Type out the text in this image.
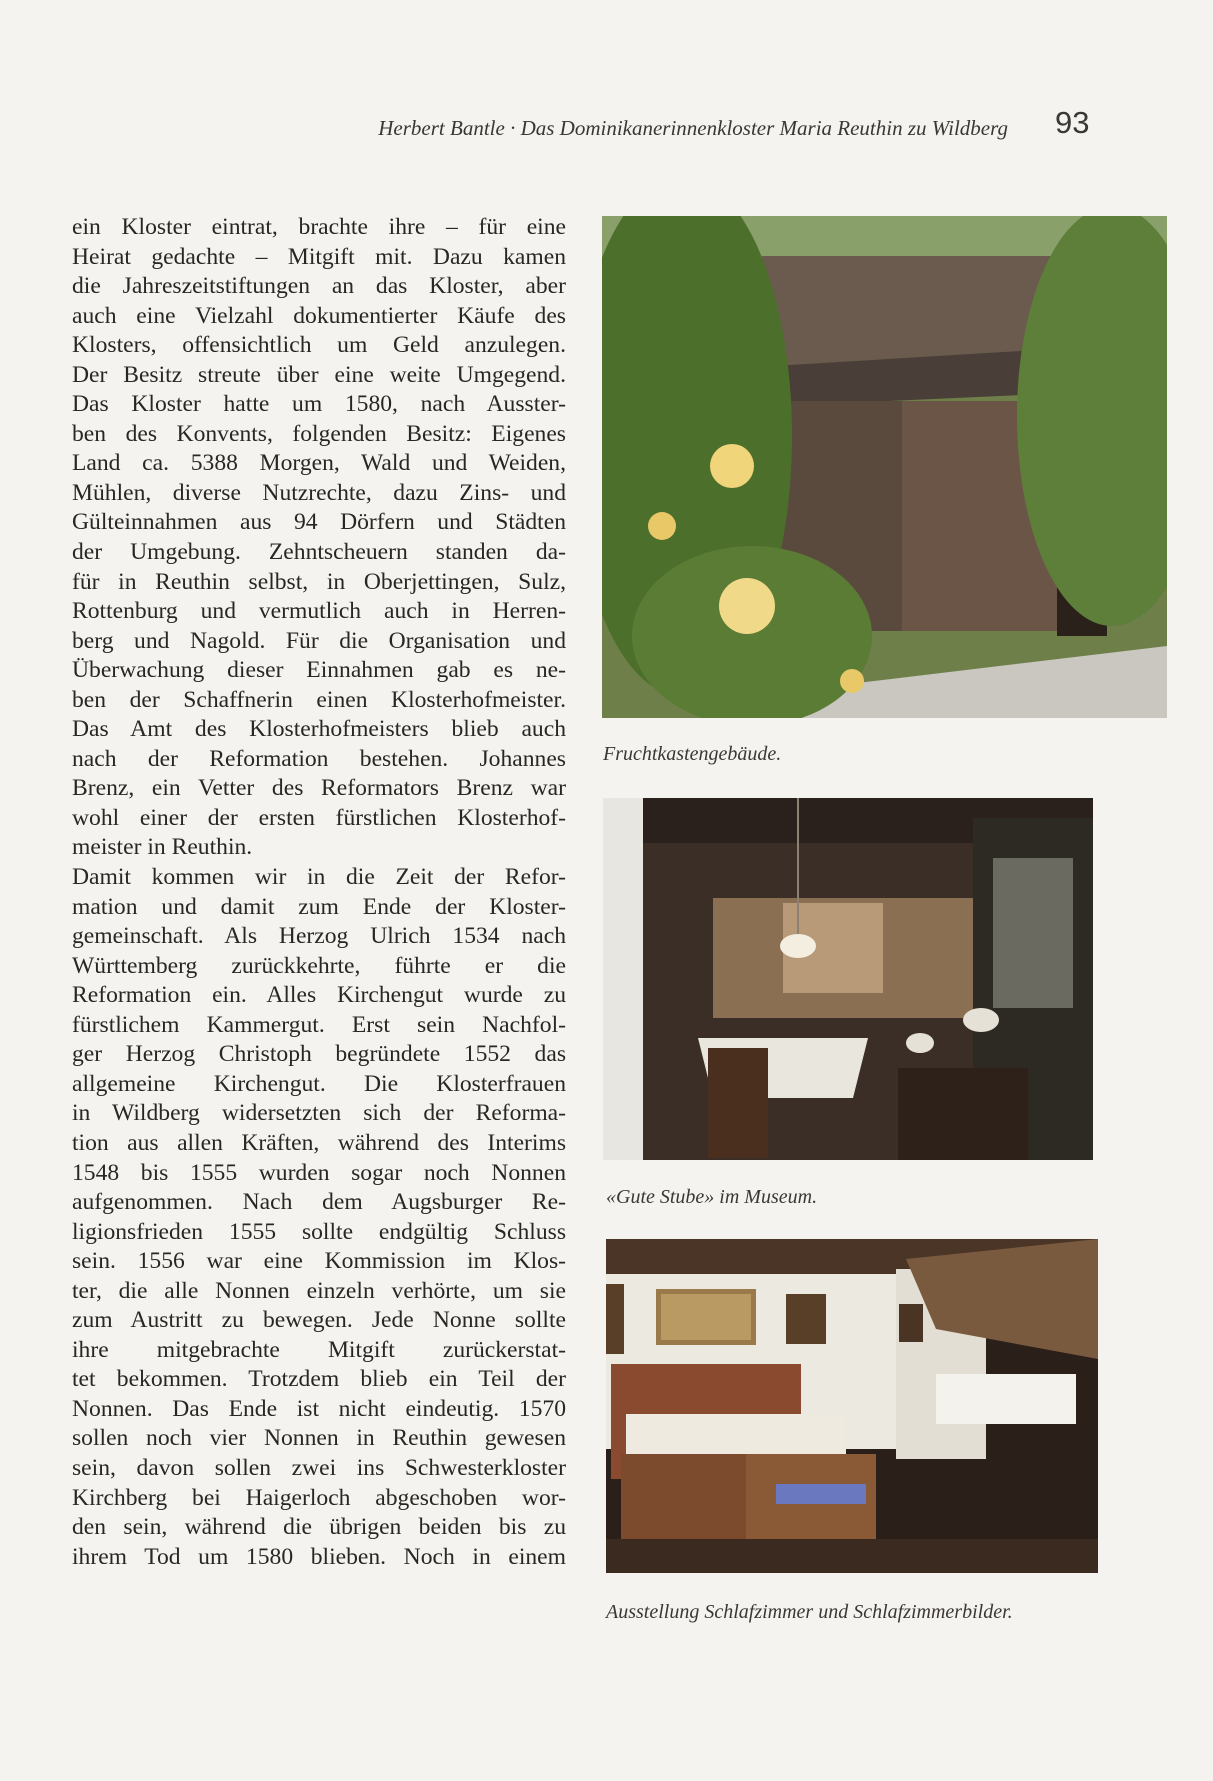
Herbert Bantle · Das Dominikanerinnenkloster Maria Reuthin zu Wildberg 93
ein Kloster eintrat, brachte ihre – für eine
Heirat gedachte – Mitgift mit. Dazu kamen
die Jahreszeitstiftungen an das Kloster, aber
auch eine Vielzahl dokumentierter Käufe des
Klosters, offensichtlich um Geld anzulegen.
Der Besitz streute über eine weite Umgegend.
Das Kloster hatte um 1580, nach Ausster-
ben des Konvents, folgenden Besitz: Eigenes
Land ca. 5388 Morgen, Wald und Weiden,
Mühlen, diverse Nutzrechte, dazu Zins- und
Gülteinnahmen aus 94 Dörfern und Städten
der Umgebung. Zehntscheuern standen da-
für in Reuthin selbst, in Oberjettingen, Sulz,
Rottenburg und vermutlich auch in Herren-
berg und Nagold. Für die Organisation und
Überwachung dieser Einnahmen gab es ne-
ben der Schaffnerin einen Klosterhofmeister.
Das Amt des Klosterhofmeisters blieb auch
nach der Reformation bestehen. Johannes
Brenz, ein Vetter des Reformators Brenz war
wohl einer der ersten fürstlichen Klosterhof-
meister in Reuthin.
Damit kommen wir in die Zeit der Refor-
mation und damit zum Ende der Kloster-
gemeinschaft. Als Herzog Ulrich 1534 nach
Württemberg zurückkehrte, führte er die
Reformation ein. Alles Kirchengut wurde zu
fürstlichem Kammergut. Erst sein Nachfol-
ger Herzog Christoph begründete 1552 das
allgemeine Kirchengut. Die Klosterfrauen
in Wildberg widersetzten sich der Reforma-
tion aus allen Kräften, während des Interims
1548 bis 1555 wurden sogar noch Nonnen
aufgenommen. Nach dem Augsburger Re-
ligionsfrieden 1555 sollte endgültig Schluss
sein. 1556 war eine Kommission im Klos-
ter, die alle Nonnen einzeln verhörte, um sie
zum Austritt zu bewegen. Jede Nonne sollte
ihre mitgebrachte Mitgift zurückerstat-
tet bekommen. Trotzdem blieb ein Teil der
Nonnen. Das Ende ist nicht eindeutig. 1570
sollen noch vier Nonnen in Reuthin gewesen
sein, davon sollen zwei ins Schwesterkloster
Kirchberg bei Haigerloch abgeschoben wor-
den sein, während die übrigen beiden bis zu
ihrem Tod um 1580 blieben. Noch in einem
Fruchtkastengebäude.
«Gute Stube» im Museum.
Ausstellung Schlafzimmer und Schlafzimmerbilder.
